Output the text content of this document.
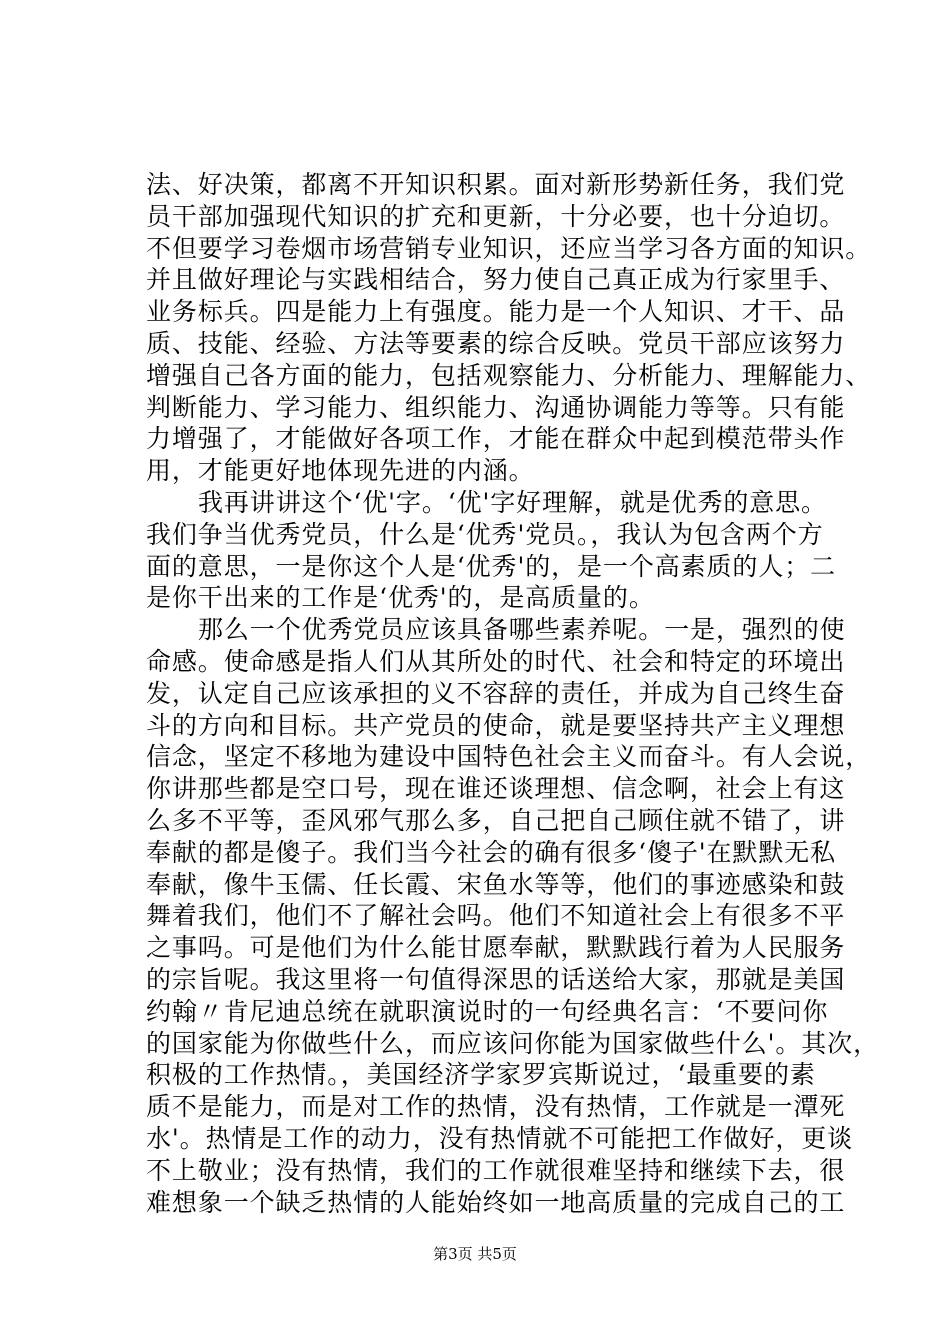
法、好决策，都离不开知识积累。面对新形势新任务，我们党
员干部加强现代知识的扩充和更新，十分必要，也十分迫切。
不但要学习卷烟市场营销专业知识，还应当学习各方面的知识。
并且做好理论与实践相结合，努力使自己真正成为行家里手、
业务标兵。四是能力上有强度。能力是一个人知识、才干、品
质、技能、经验、方法等要素的综合反映。党员干部应该努力
增强自己各方面的能力，包括观察能力、分析能力、理解能力、
判断能力、学习能力、组织能力、沟通协调能力等等。只有能
力增强了，才能做好各项工作，才能在群众中起到模范带头作
用，才能更好地体现先进的内涵。
我再讲讲这个‘优'字。‘优'字好理解，就是优秀的意思。
我们争当优秀党员，什么是‘优秀'党员。，我认为包含两个方
面的意思，一是你这个人是‘优秀'的，是一个高素质的人；二
是你干出来的工作是‘优秀'的，是高质量的。
那么一个优秀党员应该具备哪些素养呢。一是，强烈的使
命感。使命感是指人们从其所处的时代、社会和特定的环境出
发，认定自己应该承担的义不容辞的责任，并成为自己终生奋
斗的方向和目标。共产党员的使命，就是要坚持共产主义理想
信念，坚定不移地为建设中国特色社会主义而奋斗。有人会说，
你讲那些都是空口号，现在谁还谈理想、信念啊，社会上有这
么多不平等，歪风邪气那么多，自己把自己顾住就不错了，讲
奉献的都是傻子。我们当今社会的确有很多‘傻子'在默默无私
奉献，像牛玉儒、任长霞、宋鱼水等等，他们的事迹感染和鼓
舞着我们，他们不了解社会吗。他们不知道社会上有很多不平
之事吗。可是他们为什么能甘愿奉献，默默践行着为人民服务
的宗旨呢。我这里将一句值得深思的话送给大家，那就是美国
约翰〃肯尼迪总统在就职演说时的一句经典名言：‘不要问你
的国家能为你做些什么，而应该问你能为国家做些什么'。其次，
积极的工作热情。，美国经济学家罗宾斯说过，‘最重要的素
质不是能力，而是对工作的热情，没有热情，工作就是一潭死
水'。热情是工作的动力，没有热情就不可能把工作做好，更谈
不上敬业；没有热情，我们的工作就很难坚持和继续下去，很
难想象一个缺乏热情的人能始终如一地高质量的完成自己的工
第3页 共5页
